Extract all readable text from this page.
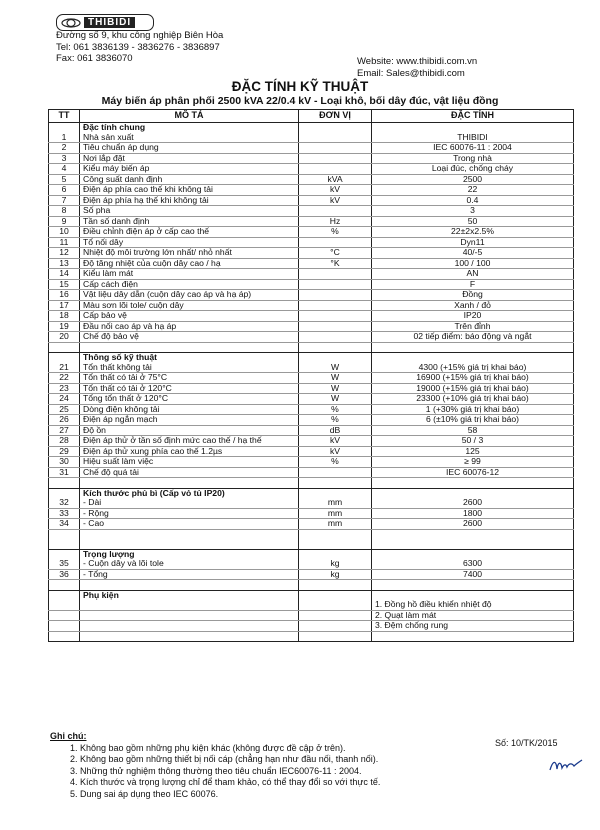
THIBIDI
Đường số 9, khu công nghiệp Biên Hòa
Tel: 061 3836139 - 3836276 - 3836897
Fax: 061 3836070	Website: www.thibidi.com.vn
Email: Sales@thibidi.com
ĐẶC TÍNH KỸ THUẬT
Máy biến áp phân phối 2500 kVA 22/0.4 kV - Loại khô, bối dây đúc, vật liệu đồng
TT	MÔ TẢ	ĐƠN VỊ	ĐẶC TÍNH
	Đặc tính chung		
1	Nhà sản xuất		THIBIDI
2	Tiêu chuẩn áp dụng		IEC 60076-11 : 2004
3	Nơi lắp đặt		Trong nhà
4	Kiểu máy biến áp		Loại đúc, chống cháy
5	Công suất danh định	kVA	2500
6	Điện áp phía cao thế khi không tải	kV	22
7	Điện áp phía hạ thế khi không tải	kV	0.4
8	Số pha		3
9	Tần số danh định	Hz	50
10	Điều chỉnh điện áp ở cấp cao thế	%	22±2x2.5%
11	Tổ nối dây		Dyn11
12	Nhiệt độ môi trường lớn nhất/ nhỏ nhất	°C	40/-5
13	Độ tăng nhiệt của cuộn dây cao / hạ	°K	100 / 100
14	Kiểu làm mát		AN
15	Cấp cách điện		F
16	Vật liệu dây dẫn (cuộn dây cao áp và hạ áp)		Đồng
17	Màu sơn lõi tole/ cuộn dây		Xanh / đỏ
18	Cấp bảo vệ		IP20
19	Đầu nối cao áp và hạ áp		Trên đỉnh
20	Chế độ bảo vệ		02 tiếp điểm: báo động và ngắt

	Thông số kỹ thuật		
21	Tổn thất không tải	W	4300 (+15% giá trị khai báo)
22	Tổn thất có tải ở 75°C	W	16900 (+15% giá trị khai báo)
23	Tổn thất có tải ở 120°C	W	19000 (+15% giá trị khai báo)
24	Tổng tổn thất ở 120°C	W	23300 (+10% giá trị khai báo)
25	Dòng điện không tải	%	1 (+30% giá trị khai báo)
26	Điện áp ngắn mạch	%	6 (±10% giá trị khai báo)
27	Độ ồn	dB	58
28	Điện áp thử ở tần số định mức cao thế / hạ thế	kV	50 / 3
29	Điện áp thử xung phía cao thế 1.2µs	kV	125
30	Hiệu suất làm việc	%	≥ 99
31	Chế độ quá tải		IEC 60076-12

	Kích thước phủ bì (Cấp vỏ tủ IP20)		
32	- Dài	mm	2600
33	- Rộng	mm	1800
34	- Cao	mm	2600

	Trọng lượng		
35	- Cuộn dây và lõi tole	kg	6300
36	- Tổng	kg	7400

	Phụ kiện		
			1. Đồng hồ điều khiển nhiệt độ
			2. Quạt làm mát
			3. Đệm chống rung

Ghi chú:
1. Không bao gồm những phụ kiện khác (không được đề cập ở trên).
2. Không bao gồm những thiết bị nối cáp (chẳng hạn như đầu nối, thanh nối).
3. Những thử nghiệm thông thường theo tiêu chuẩn IEC60076-11 : 2004.
4. Kích thước và trọng lượng chỉ để tham khảo, có thể thay đổi so với thực tế.
5. Dung sai áp dụng theo IEC 60076.
Số: 10/TK/2015
